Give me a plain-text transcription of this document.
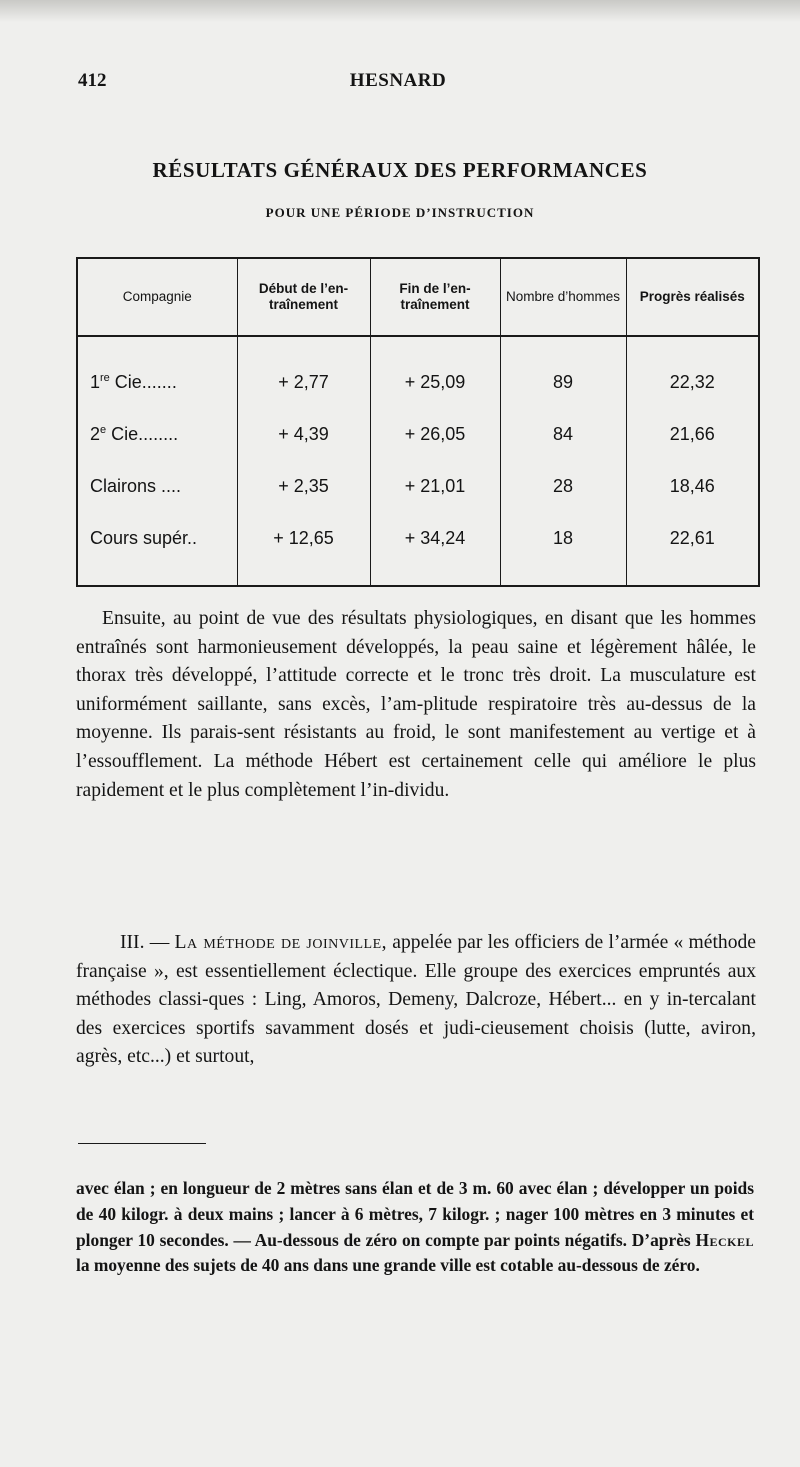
412	HESNARD
RÉSULTATS GÉNÉRAUX DES PERFORMANCES
POUR UNE PÉRIODE D’INSTRUCTION
Compagnie	Début de l’en-traînement	Fin de l’en-traînement	Nombre d’hommes	Progrès réalisés
1re Cie.......	+ 2,77	+ 25,09	89	22,32
2e Cie........	+ 4,39	+ 26,05	84	21,66
Clairons ....	+ 2,35	+ 21,01	28	18,46
Cours supér..	+ 12,65	+ 34,24	18	22,61

Ensuite, au point de vue des résultats physiologiques, en disant que les hommes entraînés sont harmonieusement développés, la peau saine et légèrement hâlée, le thorax très développé, l’attitude correcte et le tronc très droit. La musculature est uniformément saillante, sans excès, l’am-plitude respiratoire très au-dessus de la moyenne. Ils parais-sent résistants au froid, le sont manifestement au vertige et à l’essoufflement. La méthode Hébert est certainement celle qui améliore le plus rapidement et le plus complètement l’in-dividu.

III. — La méthode de joinville, appelée par les officiers de l’armée « méthode française », est essentiellement éclectique. Elle groupe des exercices empruntés aux méthodes classi-ques : Ling, Amoros, Demeny, Dalcroze, Hébert... en y in-tercalant des exercices sportifs savamment dosés et judi-cieusement choisis (lutte, aviron, agrès, etc...) et surtout,

avec élan ; en longueur de 2 mètres sans élan et de 3 m. 60 avec élan ; développer un poids de 40 kilogr. à deux mains ; lancer à 6 mètres, 7 kilogr. ; nager 100 mètres en 3 minutes et plonger 10 secondes. — Au-dessous de zéro on compte par points négatifs. D’après Heckel la moyenne des sujets de 40 ans dans une grande ville est cotable au-dessous de zéro.
